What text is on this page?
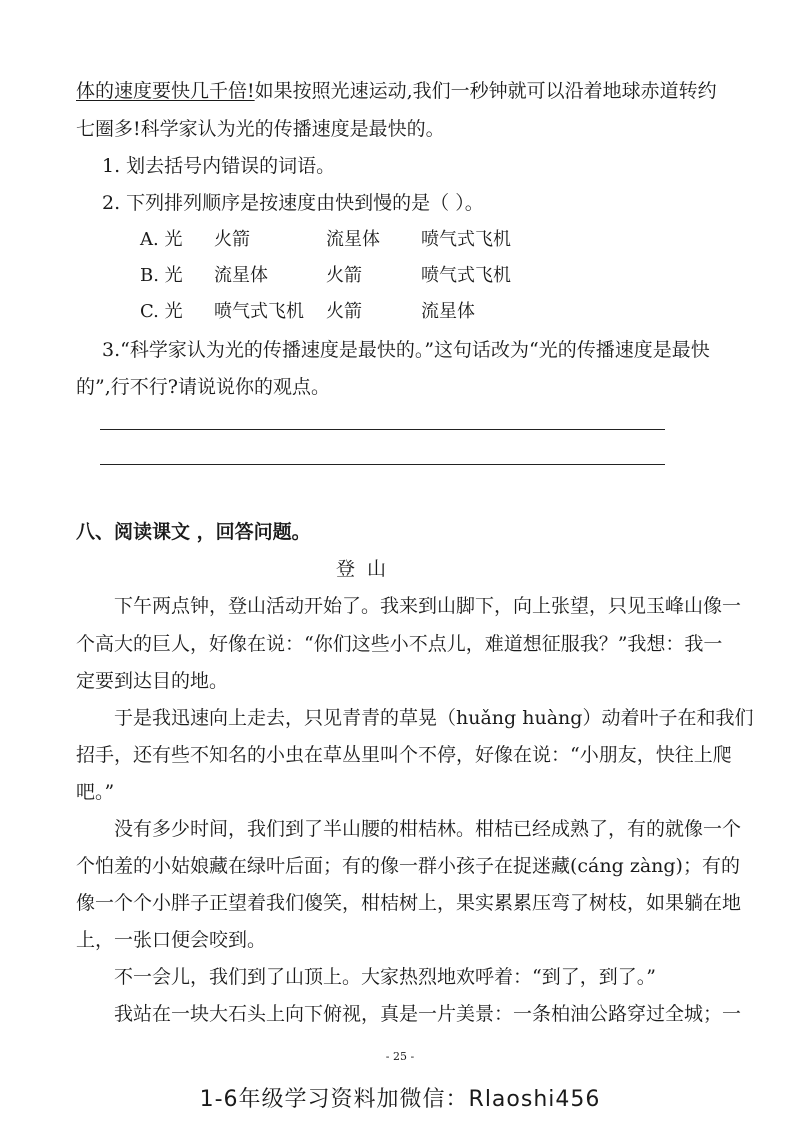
体的速度要快几千倍!如果按照光速运动,我们一秒钟就可以沿着地球赤道转约
七圈多!科学家认为光的传播速度是最快的。
1. 划去括号内错误的词语。
2. 下列排列顺序是按速度由快到慢的是（ ）。
A. 光 火箭	流星体 喷气式飞机
B. 光 流星体	火箭	喷气式飞机
C. 光 喷气式飞机 火箭	流星体
3.“科学家认为光的传播速度是最快的。”这句话改为“光的传播速度是最快
的”,行不行?请说说你的观点。
八、阅读课文 ，回答问题。
登山
下午两点钟，登山活动开始了。我来到山脚下，向上张望，只见玉峰山像一
个高大的巨人，好像在说：“你们这些小不点儿，难道想征服我？”我想：我一
定要到达目的地。
于是我迅速向上走去，只见青青的草晃（huǎng huàng）动着叶子在和我们
招手，还有些不知名的小虫在草丛里叫个不停，好像在说：“小朋友，快往上爬
吧。”
没有多少时间，我们到了半山腰的柑桔林。柑桔已经成熟了，有的就像一个
个怕羞的小姑娘藏在绿叶后面；有的像一群小孩子在捉迷藏(cáng zàng)；有的
像一个个小胖子正望着我们傻笑，柑桔树上，果实累累压弯了树枝，如果躺在地
上，一张口便会咬到。
不一会儿，我们到了山顶上。大家热烈地欢呼着：“到了，到了。”
我站在一块大石头上向下俯视，真是一片美景：一条柏油公路穿过全城；一
- 25 -
1-6年级学习资料加微信：Rlaoshi456
